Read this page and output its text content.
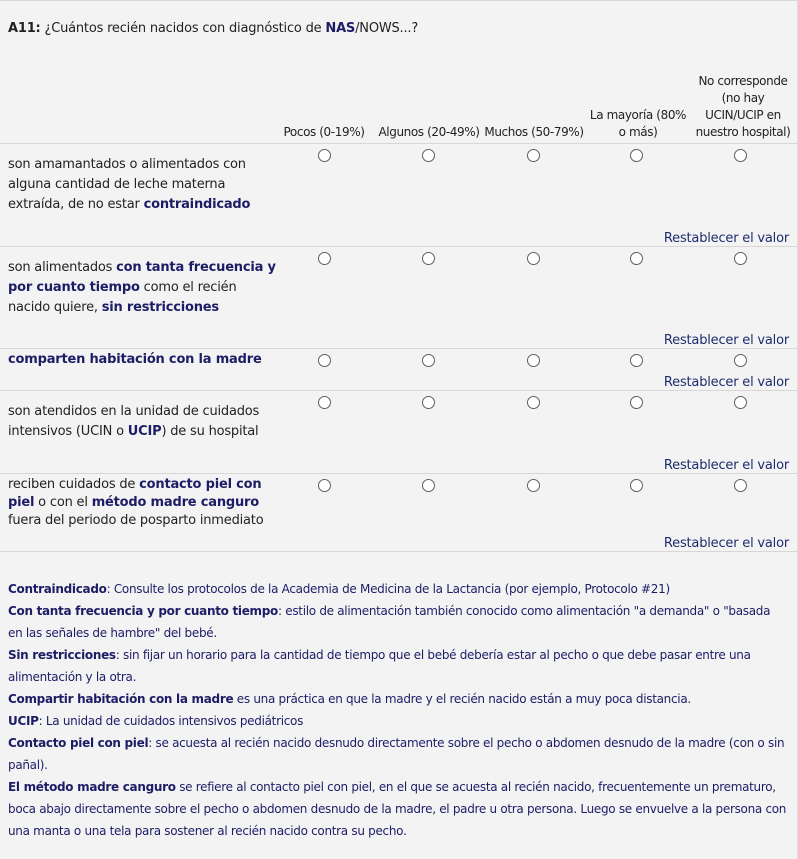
A11: ¿Cuántos recién nacidos con diagnóstico de NAS/NOWS...?
Pocos (0-19%)	Algunos (20-49%) Muchos (50-79%)
La mayoría (80%
o más)
No corresponde
(no hay
UCIN/UCIP en
nuestro hospital)
son amamantados o alimentados con alguna cantidad de leche materna extraída, de no estar contraindicado
Restablecer el valor
son alimentados con tanta frecuencia y por cuanto tiempo como el recién nacido quiere, sin restricciones
Restablecer el valor
comparten habitación con la madre
Restablecer el valor
son atendidos en la unidad de cuidados intensivos (UCIN o UCIP) de su hospital
Restablecer el valor
reciben cuidados de contacto piel con piel o con el método madre canguro fuera del periodo de posparto inmediato
Restablecer el valor
Contraindicado: Consulte los protocolos de la Academia de Medicina de la Lactancia (por ejemplo, Protocolo #21)
Con tanta frecuencia y por cuanto tiempo: estilo de alimentación también conocido como alimentación "a demanda" o "basada en las señales de hambre" del bebé.
Sin restricciones: sin fijar un horario para la cantidad de tiempo que el bebé debería estar al pecho o que debe pasar entre una alimentación y la otra.
Compartir habitación con la madre es una práctica en que la madre y el recién nacido están a muy poca distancia.
UCIP: La unidad de cuidados intensivos pediátricos
Contacto piel con piel: se acuesta al recién nacido desnudo directamente sobre el pecho o abdomen desnudo de la madre (con o sin pañal).
El método madre canguro se refiere al contacto piel con piel, en el que se acuesta al recién nacido, frecuentemente un prematuro, boca abajo directamente sobre el pecho o abdomen desnudo de la madre, el padre u otra persona. Luego se envuelve a la persona con una manta o una tela para sostener al recién nacido contra su pecho.
